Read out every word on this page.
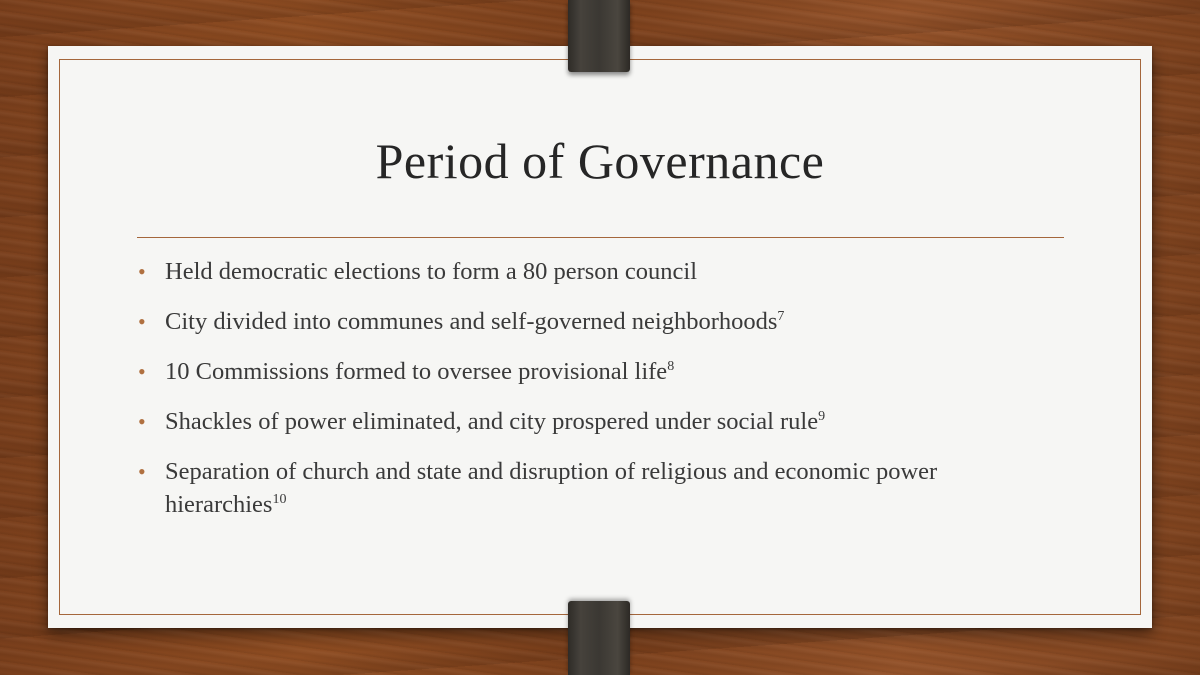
Period of Governance
• Held democratic elections to form a 80 person council
• City divided into communes and self-governed neighborhoods$^7$
• 10 Commissions formed to oversee provisional life$^8$
• Shackles of power eliminated, and city prospered under social rule$^9$
• Separation of church and state and disruption of religious and economic power hierarchies$^{10}$
